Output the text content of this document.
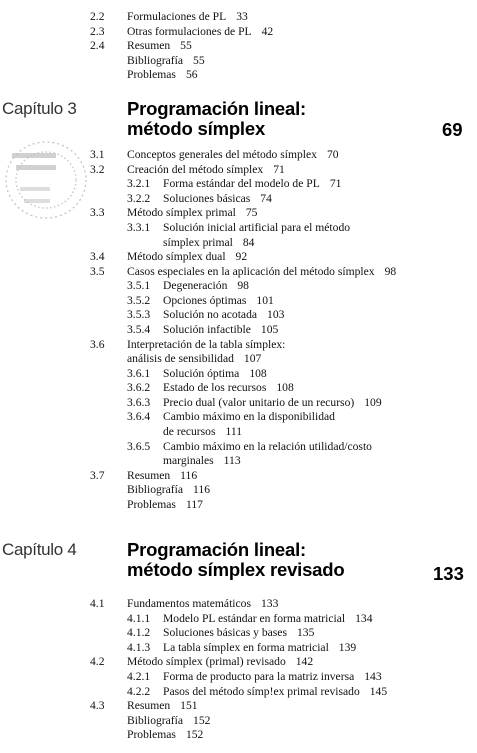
2.2 Formulaciones de PL 33
2.3 Otras formulaciones de PL 42
2.4 Resumen 55
Bibliografía 55
Problemas 56
3.1 Conceptos generales del método símplex 70
3.2 Creación del método símplex 71
3.2.1 Forma estándar del modelo de PL 71
3.2.2 Soluciones básicas 74
3.3 Método símplex primal 75
3.3.1 Solución inicial artificial para el método
símplex primal 84
3.4 Método símplex dual 92
3.5 Casos especiales en la aplicación del método símplex 98
3.5.1 Degeneración 98
3.5.2 Opciones óptimas 101
3.5.3 Solución no acotada 103
3.5.4 Solución infactible 105
3.6 Interpretación de la tabla símplex:
análisis de sensibilidad 107
3.6.1 Solución óptima 108
3.6.2 Estado de los recursos 108
3.6.3 Precio dual (valor unitario de un recurso) 109
3.6.4 Cambio máximo en la disponibilidad
de recursos 111
3.6.5 Cambio máximo en la relación utilidad/costo
marginales 113
3.7 Resumen 116
Bibliografía 116
Problemas 117
4.1 Fundamentos matemáticos 133
4.1.1 Modelo PL estándar en forma matricial 134
4.1.2 Soluciones básicas y bases 135
4.1.3 La tabla símplex en forma matricial 139
4.2 Método símplex (primal) revisado 142
4.2.1 Forma de producto para la matriz inversa 143
4.2.2 Pasos del método símp!ex primal revisado 145
4.3 Resumen 151
Bibliografía 152
Problemas 152
Capítulo 3	Programación lineal:
método símplex	69
Capítulo 4	Programación lineal:
método símplex revisado	133
